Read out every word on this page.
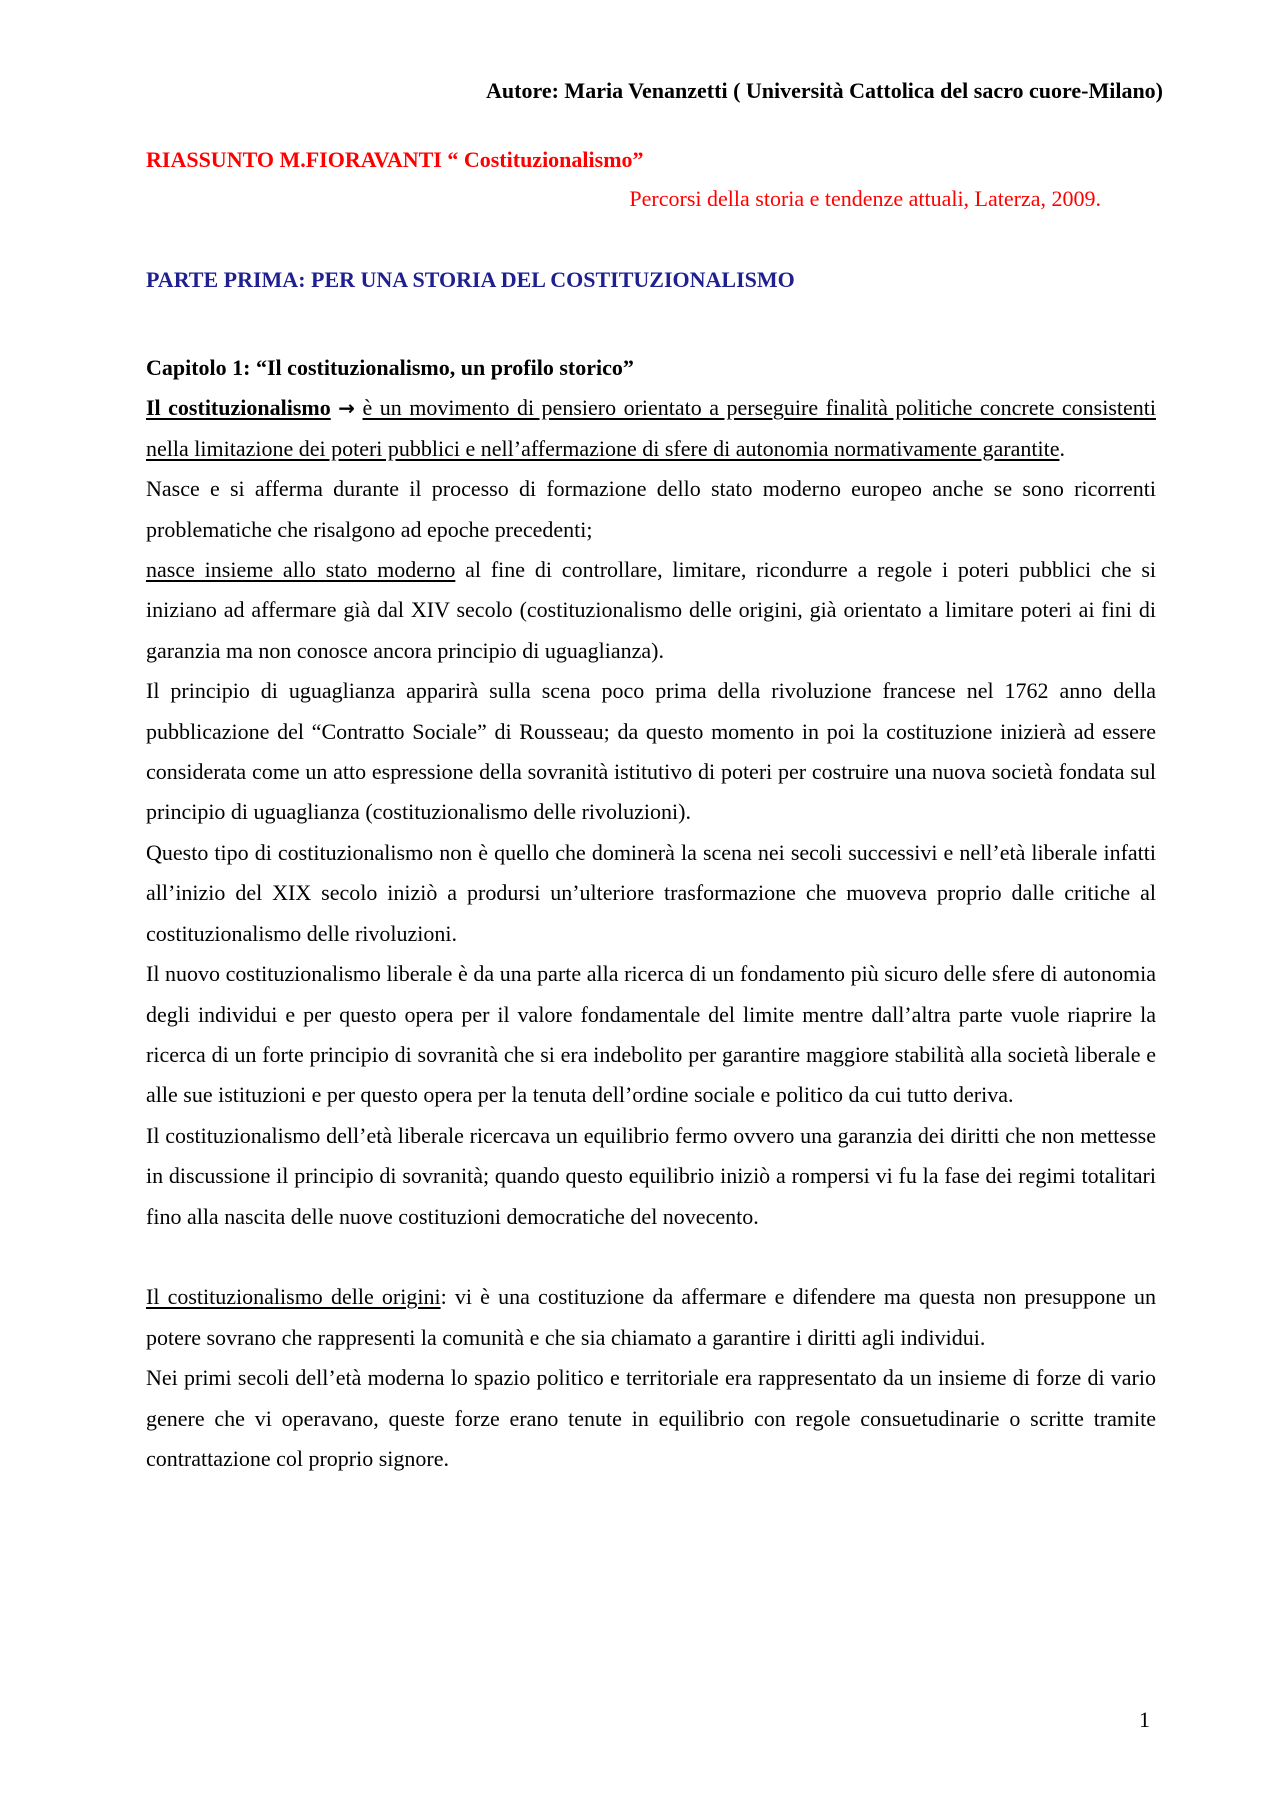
Autore: Maria Venanzetti ( Università Cattolica del sacro cuore-Milano)
RIASSUNTO M.FIORAVANTI “ Costituzionalismo”
Percorsi della storia e tendenze attuali, Laterza, 2009.
PARTE PRIMA: PER UNA STORIA DEL COSTITUZIONALISMO

Capitolo 1: “Il costituzionalismo, un profilo storico”

Il costituzionalismo → è un movimento di pensiero orientato a perseguire finalità politiche concrete consistenti nella limitazione dei poteri pubblici e nell’affermazione di sfere di autonomia normativamente garantite.

Nasce e si afferma durante il processo di formazione dello stato moderno europeo anche se sono ricorrenti problematiche che risalgono ad epoche precedenti;

nasce insieme allo stato moderno al fine di controllare, limitare, ricondurre a regole i poteri pubblici che si iniziano ad affermare già dal XIV secolo (costituzionalismo delle origini, già orientato a limitare poteri ai fini di garanzia ma non conosce ancora principio di uguaglianza).

Il principio di uguaglianza apparirà sulla scena poco prima della rivoluzione francese nel 1762 anno della pubblicazione del “Contratto Sociale” di Rousseau; da questo momento in poi la costituzione inizierà ad essere considerata come un atto espressione della sovranità istitutivo di poteri per costruire una nuova società fondata sul principio di uguaglianza (costituzionalismo delle rivoluzioni).

Questo tipo di costituzionalismo non è quello che dominerà la scena nei secoli successivi e nell’età liberale infatti all’inizio del XIX secolo iniziò a prodursi un’ulteriore trasformazione che muoveva proprio dalle critiche al costituzionalismo delle rivoluzioni.

Il nuovo costituzionalismo liberale è da una parte alla ricerca di un fondamento più sicuro delle sfere di autonomia degli individui e per questo opera per il valore fondamentale del limite mentre dall’altra parte vuole riaprire la ricerca di un forte principio di sovranità che si era indebolito per garantire maggiore stabilità alla società liberale e alle sue istituzioni e per questo opera per la tenuta dell’ordine sociale e politico da cui tutto deriva.

Il costituzionalismo dell’età liberale ricercava un equilibrio fermo ovvero una garanzia dei diritti che non mettesse in discussione il principio di sovranità; quando questo equilibrio iniziò a rompersi vi fu la fase dei regimi totalitari fino alla nascita delle nuove costituzioni democratiche del novecento.

Il costituzionalismo delle origini: vi è una costituzione da affermare e difendere ma questa non presuppone un potere sovrano che rappresenti la comunità e che sia chiamato a garantire i diritti agli individui.

Nei primi secoli dell’età moderna lo spazio politico e territoriale era rappresentato da un insieme di forze di vario genere che vi operavano, queste forze erano tenute in equilibrio con regole consuetudinarie o scritte tramite contrattazione col proprio signore.

1
